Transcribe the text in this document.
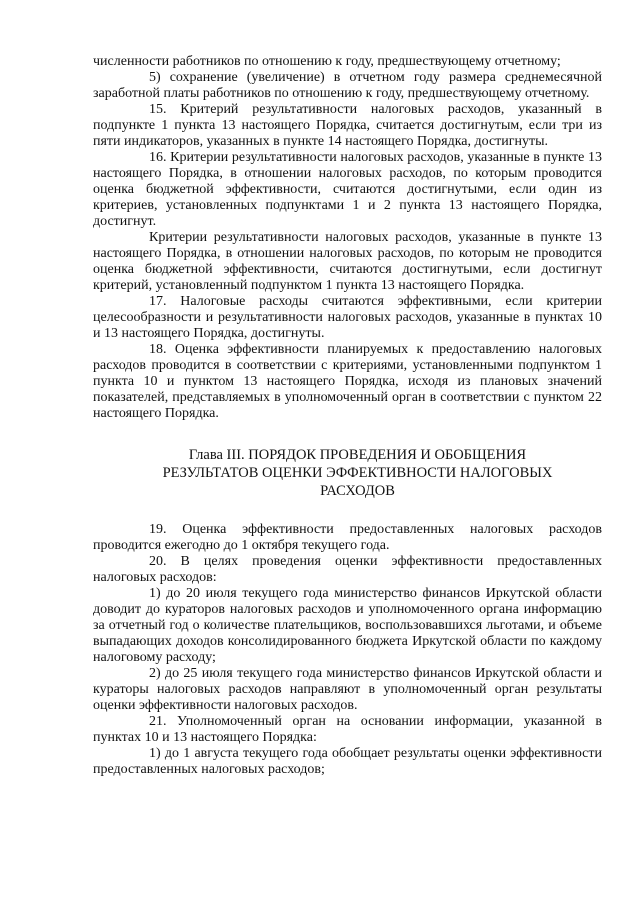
численности работников по отношению к году, предшествующему отчетному;

5) сохранение (увеличение) в отчетном году размера среднемесячной заработной платы работников по отношению к году, предшествующему отчетному.

15. Критерий результативности налоговых расходов, указанный в подпункте 1 пункта 13 настоящего Порядка, считается достигнутым, если три из пяти индикаторов, указанных в пункте 14 настоящего Порядка, достигнуты.

16. Критерии результативности налоговых расходов, указанные в пункте 13 настоящего Порядка, в отношении налоговых расходов, по которым проводится оценка бюджетной эффективности, считаются достигнутыми, если один из критериев, установленных подпунктами 1 и 2 пункта 13 настоящего Порядка, достигнут.

Критерии результативности налоговых расходов, указанные в пункте 13 настоящего Порядка, в отношении налоговых расходов, по которым не проводится оценка бюджетной эффективности, считаются достигнутыми, если достигнут критерий, установленный подпунктом 1 пункта 13 настоящего Порядка.

17. Налоговые расходы считаются эффективными, если критерии целесообразности и результативности налоговых расходов, указанные в пунктах 10 и 13 настоящего Порядка, достигнуты.

18. Оценка эффективности планируемых к предоставлению налоговых расходов проводится в соответствии с критериями, установленными подпунктом 1 пункта 10 и пунктом 13 настоящего Порядка, исходя из плановых значений показателей, представляемых в уполномоченный орган в соответствии с пунктом 22 настоящего Порядка.

Глава III. ПОРЯДОК ПРОВЕДЕНИЯ И ОБОБЩЕНИЯ
РЕЗУЛЬТАТОВ ОЦЕНКИ ЭФФЕКТИВНОСТИ НАЛОГОВЫХ
РАСХОДОВ

19. Оценка эффективности предоставленных налоговых расходов проводится ежегодно до 1 октября текущего года.

20. В целях проведения оценки эффективности предоставленных налоговых расходов:

1) до 20 июля текущего года министерство финансов Иркутской области доводит до кураторов налоговых расходов и уполномоченного органа информацию за отчетный год о количестве плательщиков, воспользовавшихся льготами, и объеме выпадающих доходов консолидированного бюджета Иркутской области по каждому налоговому расходу;

2) до 25 июля текущего года министерство финансов Иркутской области и кураторы налоговых расходов направляют в уполномоченный орган результаты оценки эффективности налоговых расходов.

21. Уполномоченный орган на основании информации, указанной в пунктах 10 и 13 настоящего Порядка:

1) до 1 августа текущего года обобщает результаты оценки эффективности предоставленных налоговых расходов;
